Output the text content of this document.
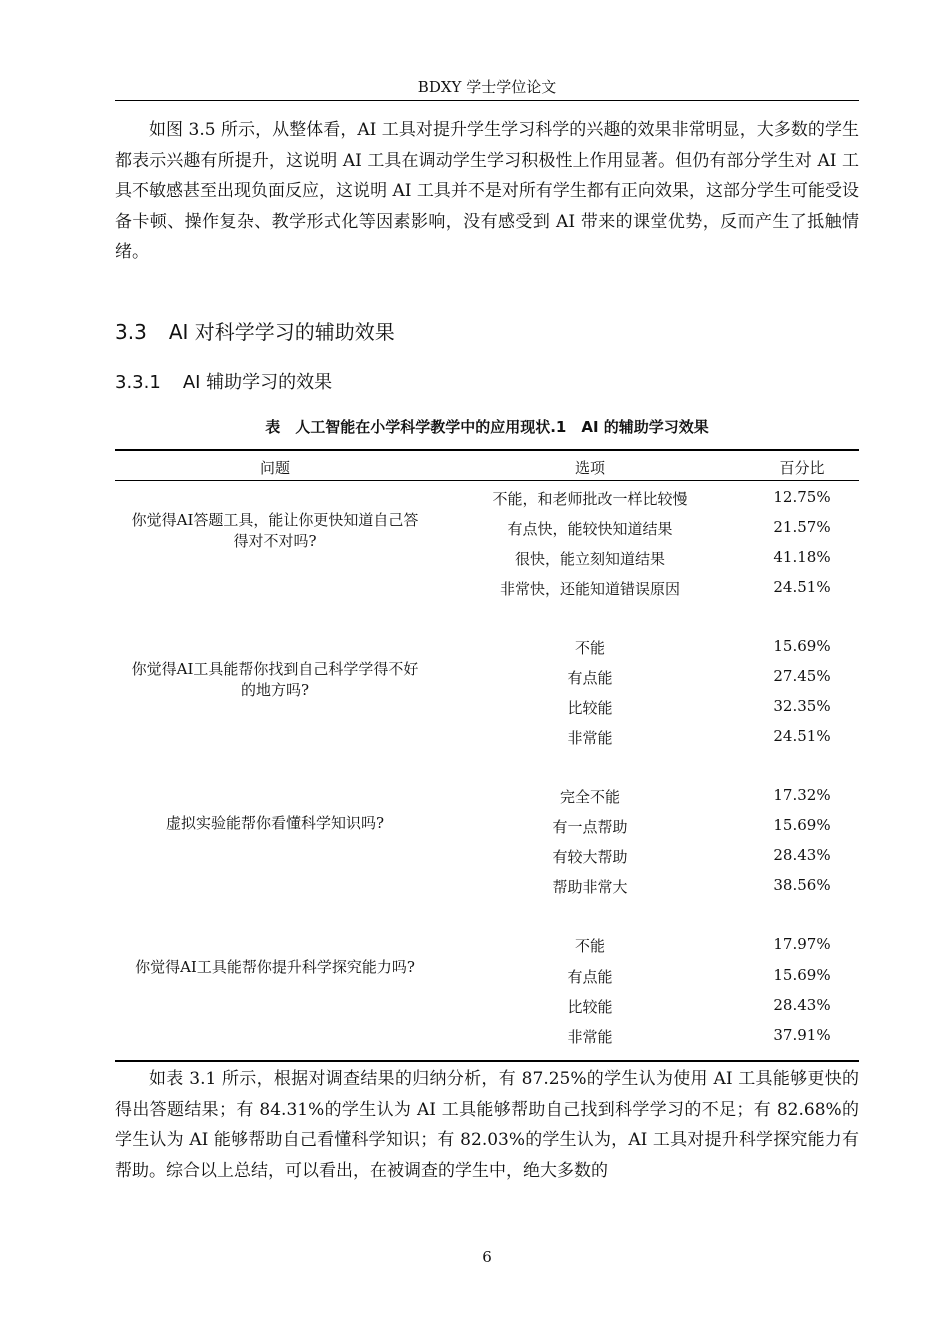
BDXY 学士学位论文

如图 3.5 所示，从整体看，AI 工具对提升学生学习科学的兴趣的效果非常明显，大多数的学生都表示兴趣有所提升，这说明 AI 工具在调动学生学习积极性上作用显著。但仍有部分学生对 AI 工具不敏感甚至出现负面反应，这说明 AI 工具并不是对所有学生都有正向效果，这部分学生可能受设备卡顿、操作复杂、教学形式化等因素影响，没有感受到 AI 带来的课堂优势，反而产生了抵触情绪。

3.3 AI 对科学学习的辅助效果
3.3.1 AI 辅助学习的效果
表　人工智能在小学科学教学中的应用现状.1　AI 的辅助学习效果
问题	选项	百分比
你觉得AI答题工具，能让你更快知道自己答得对不对吗?
不能，和老师批改一样比较慢	12.75%
有点快，能较快知道结果	21.57%
很快，能立刻知道结果	41.18%
非常快，还能知道错误原因	24.51%
你觉得AI工具能帮你找到自己科学学得不好的地方吗?
不能	15.69%
有点能	27.45%
比较能	32.35%
非常能	24.51%
虚拟实验能帮你看懂科学知识吗?
完全不能	17.32%
有一点帮助	15.69%
有较大帮助	28.43%
帮助非常大	38.56%
你觉得AI工具能帮你提升科学探究能力吗?
不能	17.97%
有点能	15.69%
比较能	28.43%
非常能	37.91%

如表 3.1 所示，根据对调查结果的归纳分析，有 87.25%的学生认为使用 AI 工具能够更快的得出答题结果；有 84.31%的学生认为 AI 工具能够帮助自己找到科学学习的不足；有 82.68%的学生认为 AI 能够帮助自己看懂科学知识；有 82.03%的学生认为，AI 工具对提升科学探究能力有帮助。综合以上总结，可以看出，在被调查的学生中，绝大多数的

6
